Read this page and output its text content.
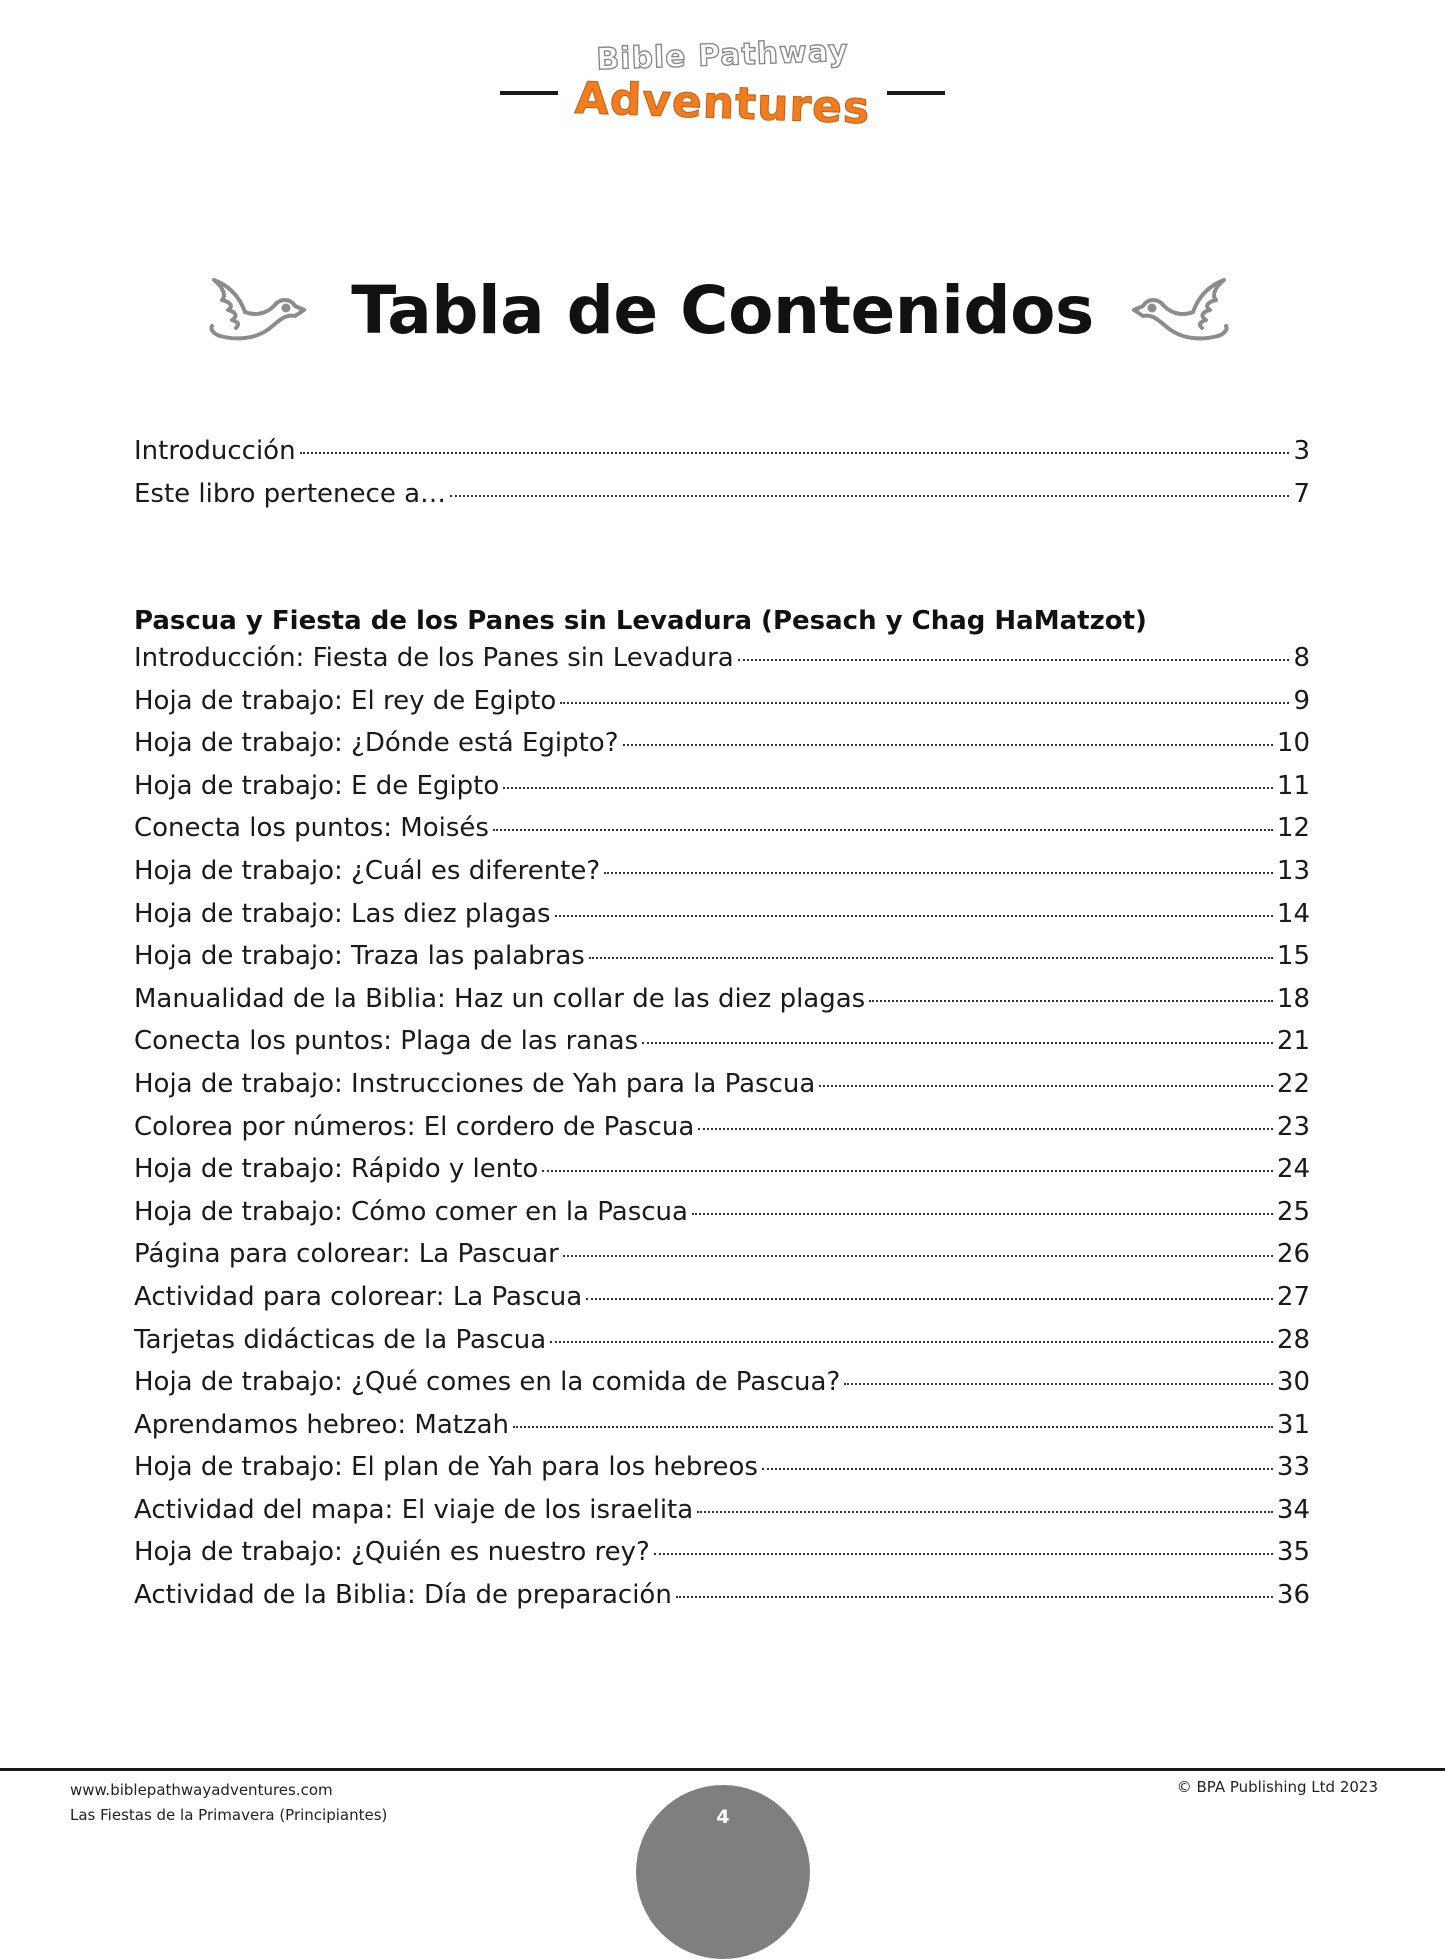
Bible Pathway
Adventures
Tabla de Contenidos
Introducción	3
Este libro pertenece a…	7
Pascua y Fiesta de los Panes sin Levadura (Pesach y Chag HaMatzot)
Introducción: Fiesta de los Panes sin Levadura	8
Hoja de trabajo: El rey de Egipto	9
Hoja de trabajo: ¿Dónde está Egipto?	10
Hoja de trabajo: E de Egipto	11
Conecta los puntos: Moisés	12
Hoja de trabajo: ¿Cuál es diferente?	13
Hoja de trabajo: Las diez plagas	14
Hoja de trabajo: Traza las palabras	15
Manualidad de la Biblia: Haz un collar de las diez plagas	18
Conecta los puntos: Plaga de las ranas	21
Hoja de trabajo: Instrucciones de Yah para la Pascua	22
Colorea por números: El cordero de Pascua	23
Hoja de trabajo: Rápido y lento	24
Hoja de trabajo: Cómo comer en la Pascua	25
Página para colorear: La Pascuar	26
Actividad para colorear: La Pascua	27
Tarjetas didácticas de la Pascua	28
Hoja de trabajo: ¿Qué comes en la comida de Pascua?	30
Aprendamos hebreo: Matzah	31
Hoja de trabajo: El plan de Yah para los hebreos	33
Actividad del mapa: El viaje de los israelita	34
Hoja de trabajo: ¿Quién es nuestro rey?	35
Actividad de la Biblia: Día de preparación	36
www.biblepathwayadventures.com
Las Fiestas de la Primavera (Principiantes)
© BPA Publishing Ltd 2023
4
